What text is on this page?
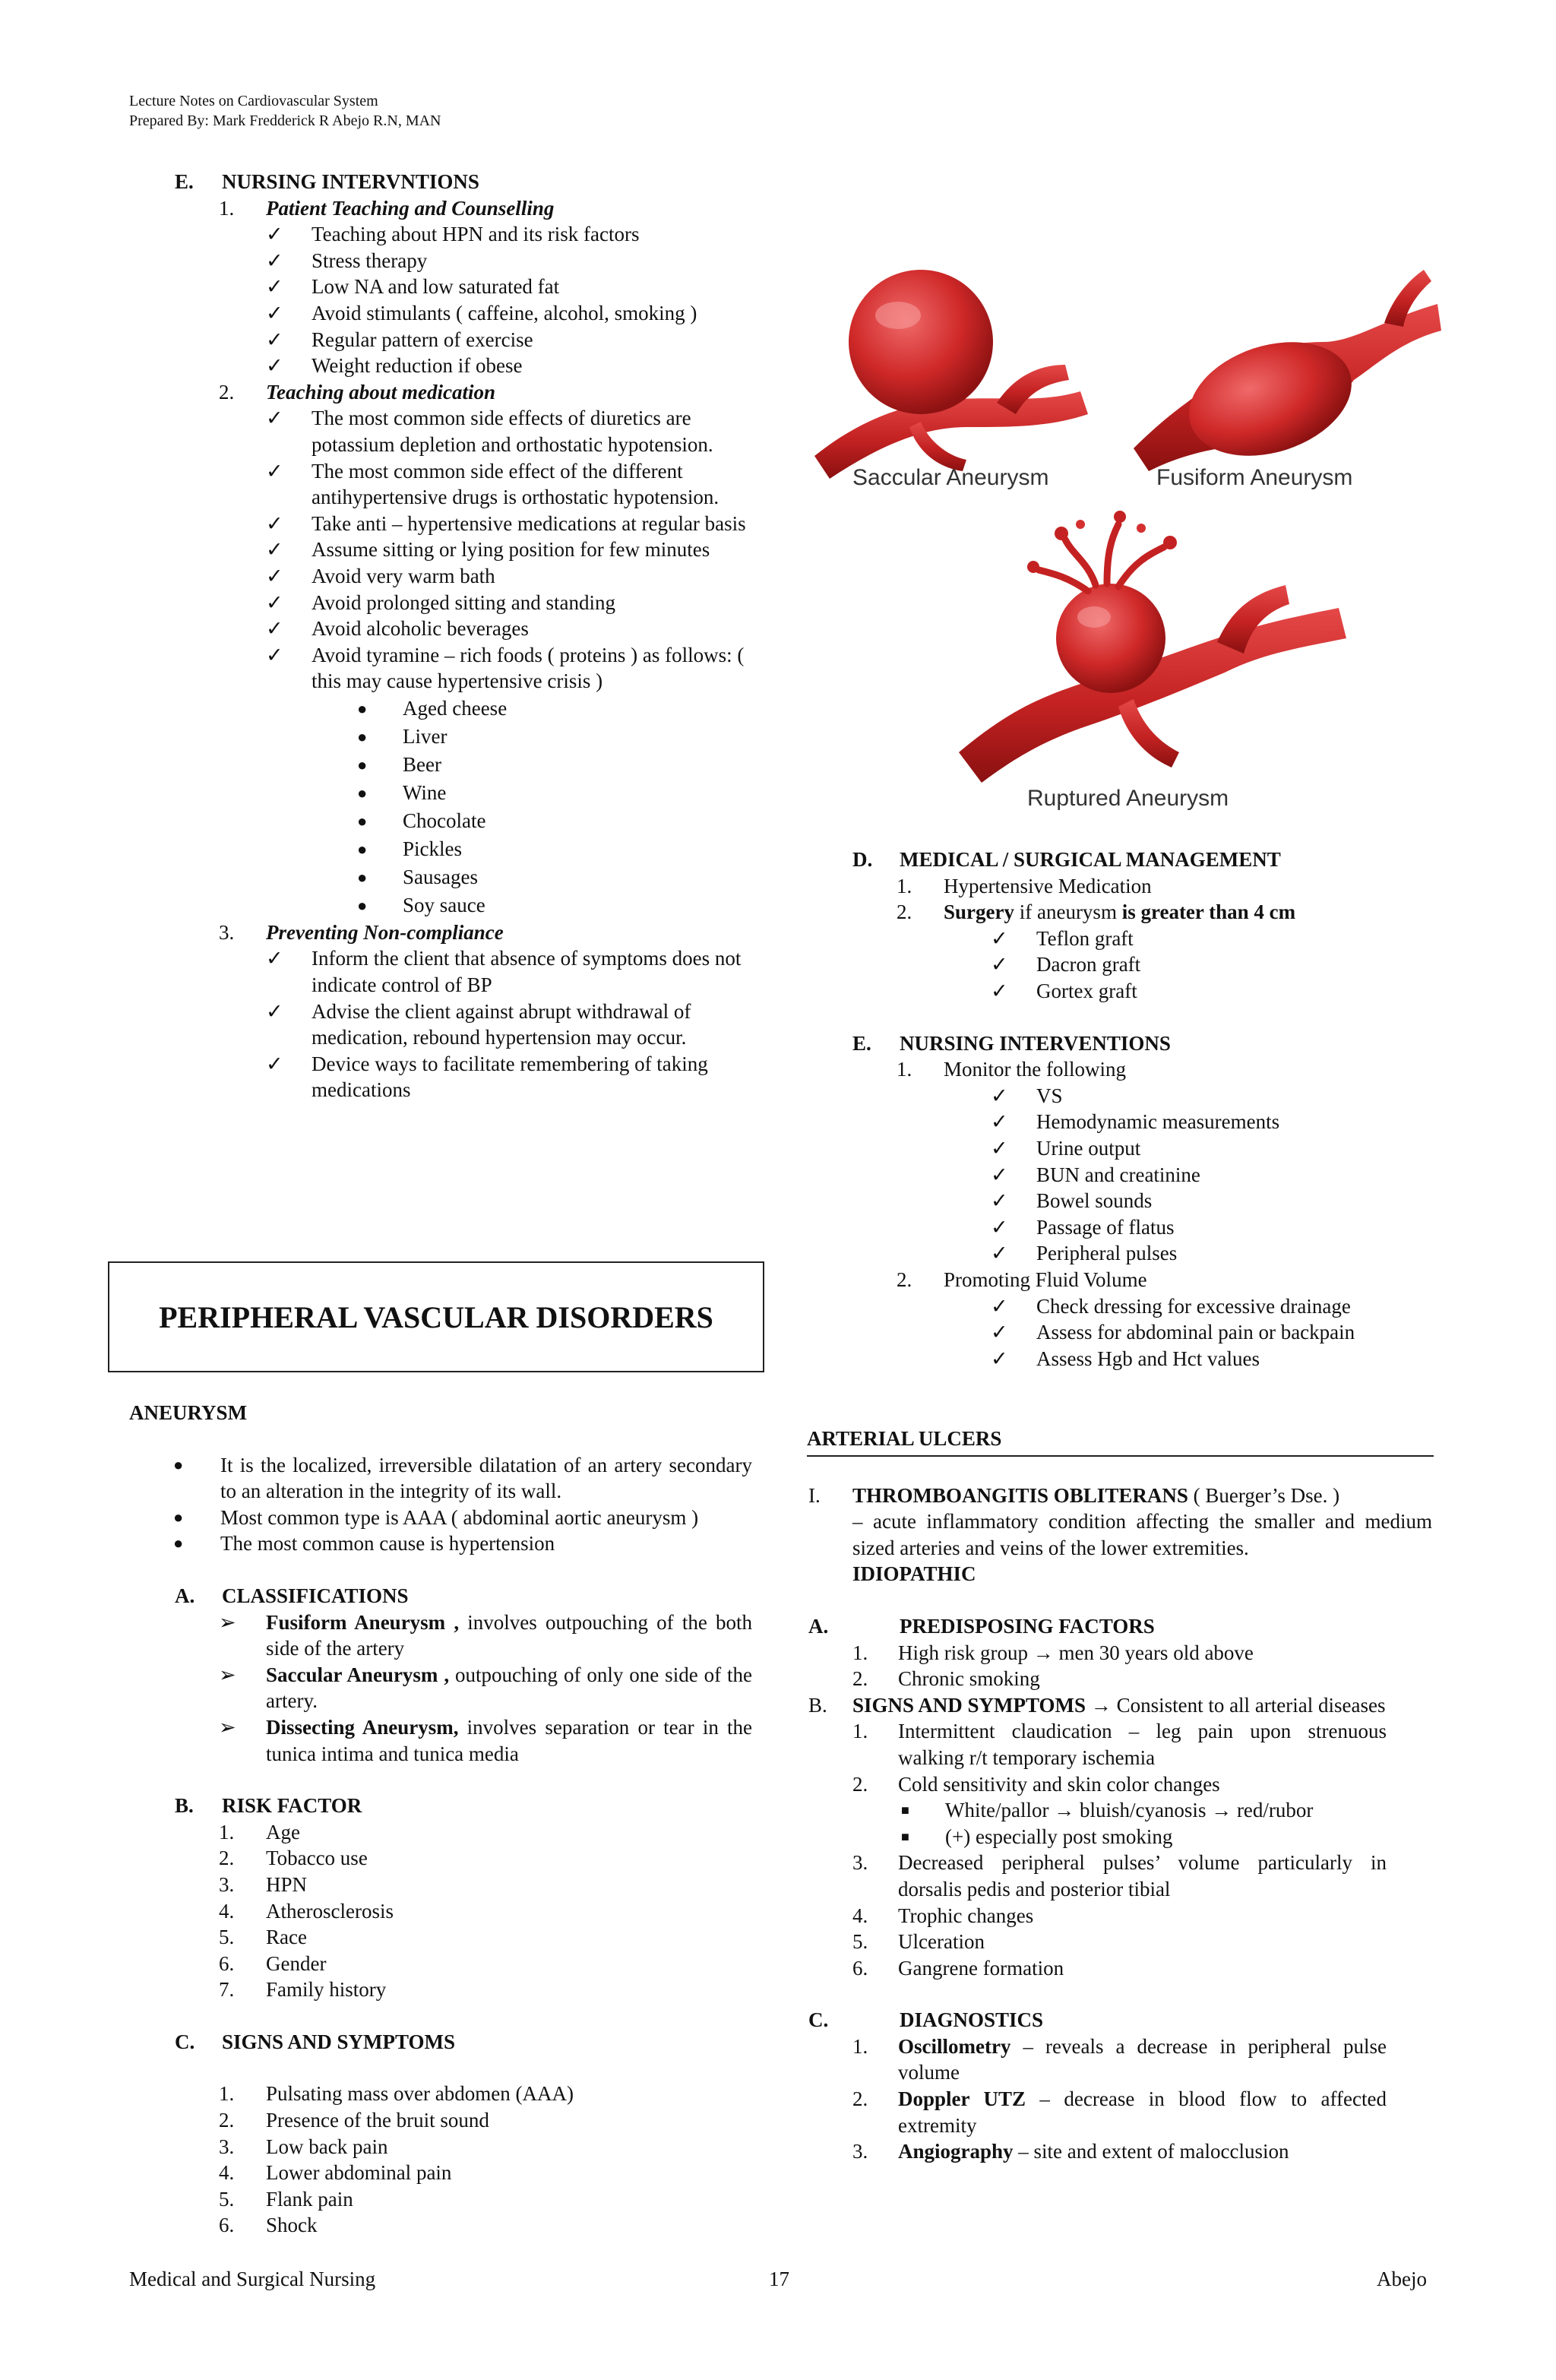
Lecture Notes on Cardiovascular System
Prepared By: Mark Fredderick R Abejo R.N, MAN
E. NURSING INTERVNTIONS
1. Patient Teaching and Counselling
✓ Teaching about HPN and its risk factors
✓ Stress therapy
✓ Low NA and low saturated fat
✓ Avoid stimulants ( caffeine, alcohol, smoking )
✓ Regular pattern of exercise
✓ Weight reduction if obese
2. Teaching about medication
✓ The most common side effects of diuretics are potassium depletion and orthostatic hypotension.
✓ The most common side effect of the different antihypertensive drugs is orthostatic hypotension.
✓ Take anti – hypertensive medications at regular basis
✓ Assume sitting or lying position for few minutes
✓ Avoid very warm bath
✓ Avoid prolonged sitting and standing
✓ Avoid alcoholic beverages
✓ Avoid tyramine – rich foods ( proteins ) as follows: ( this may cause hypertensive crisis )
● Aged cheese
● Liver
● Beer
● Wine
● Chocolate
● Pickles
● Sausages
● Soy sauce
3. Preventing Non-compliance
✓ Inform the client that absence of symptoms does not indicate control of BP
✓ Advise the client against abrupt withdrawal of medication, rebound hypertension may occur.
✓ Device ways to facilitate remembering of taking medications
PERIPHERAL VASCULAR DISORDERS
ANEURYSM
● It is the localized, irreversible dilatation of an artery secondary to an alteration in the integrity of its wall.
● Most common type is AAA ( abdominal aortic aneurysm )
● The most common cause is hypertension
A. CLASSIFICATIONS
➢ Fusiform Aneurysm , involves outpouching of the both side of the artery
➢ Saccular Aneurysm , outpouching of only one side of the artery.
➢ Dissecting Aneurysm, involves separation or tear in the tunica intima and tunica media
B. RISK FACTOR
1. Age
2. Tobacco use
3. HPN
4. Atherosclerosis
5. Race
6. Gender
7. Family history
C. SIGNS AND SYMPTOMS
1. Pulsating mass over abdomen (AAA)
2. Presence of the bruit sound
3. Low back pain
4. Lower abdominal pain
5. Flank pain
6. Shock
Saccular Aneurysm	Fusiform Aneurysm
Ruptured Aneurysm
D. MEDICAL / SURGICAL MANAGEMENT
1. Hypertensive Medication
2. Surgery if aneurysm is greater than 4 cm
✓ Teflon graft
✓ Dacron graft
✓ Gortex graft
E. NURSING INTERVENTIONS
1. Monitor the following
✓ VS
✓ Hemodynamic measurements
✓ Urine output
✓ BUN and creatinine
✓ Bowel sounds
✓ Passage of flatus
✓ Peripheral pulses
2. Promoting Fluid Volume
✓ Check dressing for excessive drainage
✓ Assess for abdominal pain or backpain
✓ Assess Hgb and Hct values
ARTERIAL ULCERS
I. THROMBOANGITIS OBLITERANS ( Buerger’s Dse. )
– acute inflammatory condition affecting the smaller and medium sized arteries and veins of the lower extremities.
IDIOPATHIC
A.	PREDISPOSING FACTORS
1. High risk group → men 30 years old above
2. Chronic smoking
B. SIGNS AND SYMPTOMS → Consistent to all arterial diseases
1. Intermittent claudication – leg pain upon strenuous walking r/t temporary ischemia
2. Cold sensitivity and skin color changes
■ White/pallor → bluish/cyanosis → red/rubor
■ (+) especially post smoking
3. Decreased peripheral pulses’ volume particularly in dorsalis pedis and posterior tibial
4. Trophic changes
5. Ulceration
6. Gangrene formation
C.	DIAGNOSTICS
1. Oscillometry – reveals a decrease in peripheral pulse volume
2. Doppler UTZ – decrease in blood flow to affected extremity
3. Angiography – site and extent of malocclusion
Medical and Surgical Nursing	17	Abejo
